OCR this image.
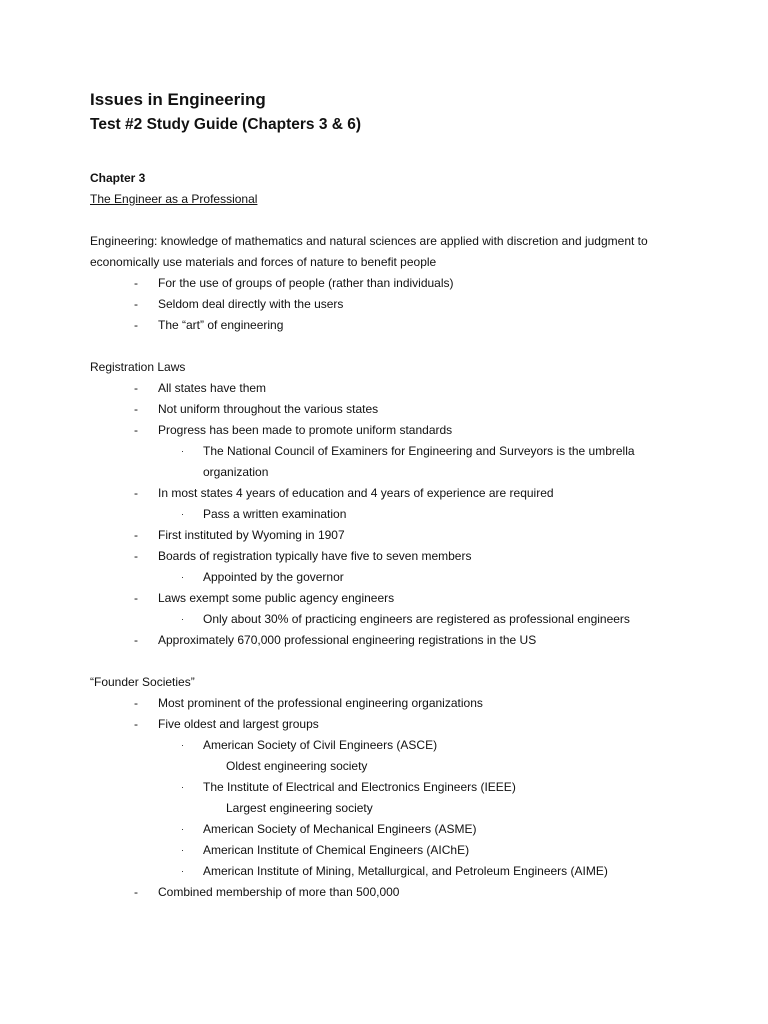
Issues in Engineering
Test #2 Study Guide (Chapters 3 & 6)
Chapter 3
The Engineer as a Professional
Engineering: knowledge of mathematics and natural sciences are applied with discretion and judgment to economically use materials and forces of nature to benefit people
- For the use of groups of people (rather than individuals)
- Seldom deal directly with the users
- The “art” of engineering
Registration Laws
- All states have them
- Not uniform throughout the various states
- Progress has been made to promote uniform standards
· The National Council of Examiners for Engineering and Surveyors is the umbrella organization
- In most states 4 years of education and 4 years of experience are required
· Pass a written examination
- First instituted by Wyoming in 1907
- Boards of registration typically have five to seven members
· Appointed by the governor
- Laws exempt some public agency engineers
· Only about 30% of practicing engineers are registered as professional engineers
- Approximately 670,000 professional engineering registrations in the US
“Founder Societies”
- Most prominent of the professional engineering organizations
- Five oldest and largest groups
· American Society of Civil Engineers (ASCE)
Oldest engineering society
· The Institute of Electrical and Electronics Engineers (IEEE)
Largest engineering society
· American Society of Mechanical Engineers (ASME)
· American Institute of Chemical Engineers (AIChE)
· American Institute of Mining, Metallurgical, and Petroleum Engineers (AIME)
- Combined membership of more than 500,000
